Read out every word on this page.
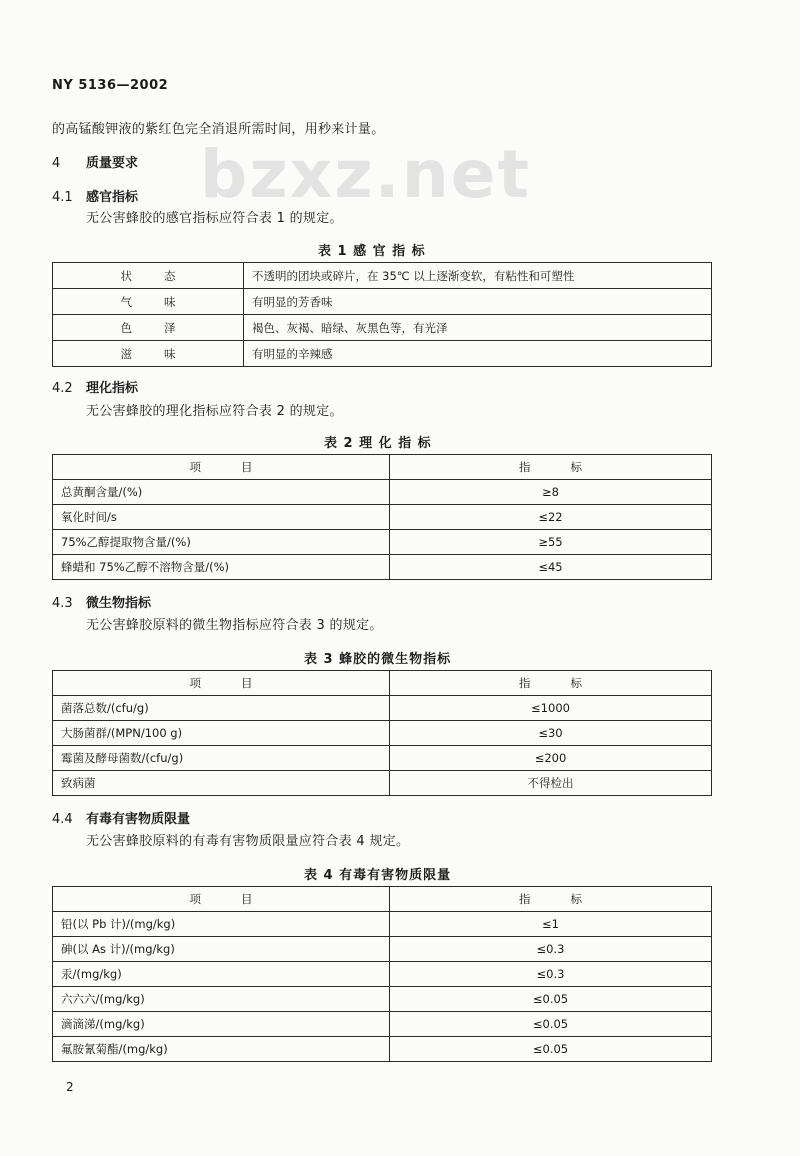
bzxz.net
NY 5136—2002
的高锰酸钾液的紫红色完全消退所需时间，用秒来计量。
4 质量要求
4.1 感官指标
无公害蜂胶的感官指标应符合表 1 的规定。
表 1 感 官 指 标
状态	不透明的团块或碎片，在 35℃ 以上逐渐变软，有粘性和可塑性
气味	有明显的芳香味
色泽	褐色、灰褐、暗绿、灰黑色等，有光泽
滋味	有明显的辛辣感
4.2 理化指标
无公害蜂胶的理化指标应符合表 2 的规定。
表 2 理 化 指 标
项目	指标
总黄酮含量/(%)	≥8
氧化时间/s	≤22
75%乙醇提取物含量/(%)	≥55
蜂蜡和 75%乙醇不溶物含量/(%)	≤45
4.3 微生物指标
无公害蜂胶原料的微生物指标应符合表 3 的规定。
表 3 蜂胶的微生物指标
项目	指标
菌落总数/(cfu/g)	≤1000
大肠菌群/(MPN/100 g)	≤30
霉菌及酵母菌数/(cfu/g)	≤200
致病菌	不得检出
4.4 有毒有害物质限量
无公害蜂胶原料的有毒有害物质限量应符合表 4 规定。
表 4 有毒有害物质限量
项目	指标
铅(以 Pb 计)/(mg/kg)	≤1
砷(以 As 计)/(mg/kg)	≤0.3
汞/(mg/kg)	≤0.3
六六六/(mg/kg)	≤0.05
滴滴涕/(mg/kg)	≤0.05
氟胺氰菊酯/(mg/kg)	≤0.05
2
